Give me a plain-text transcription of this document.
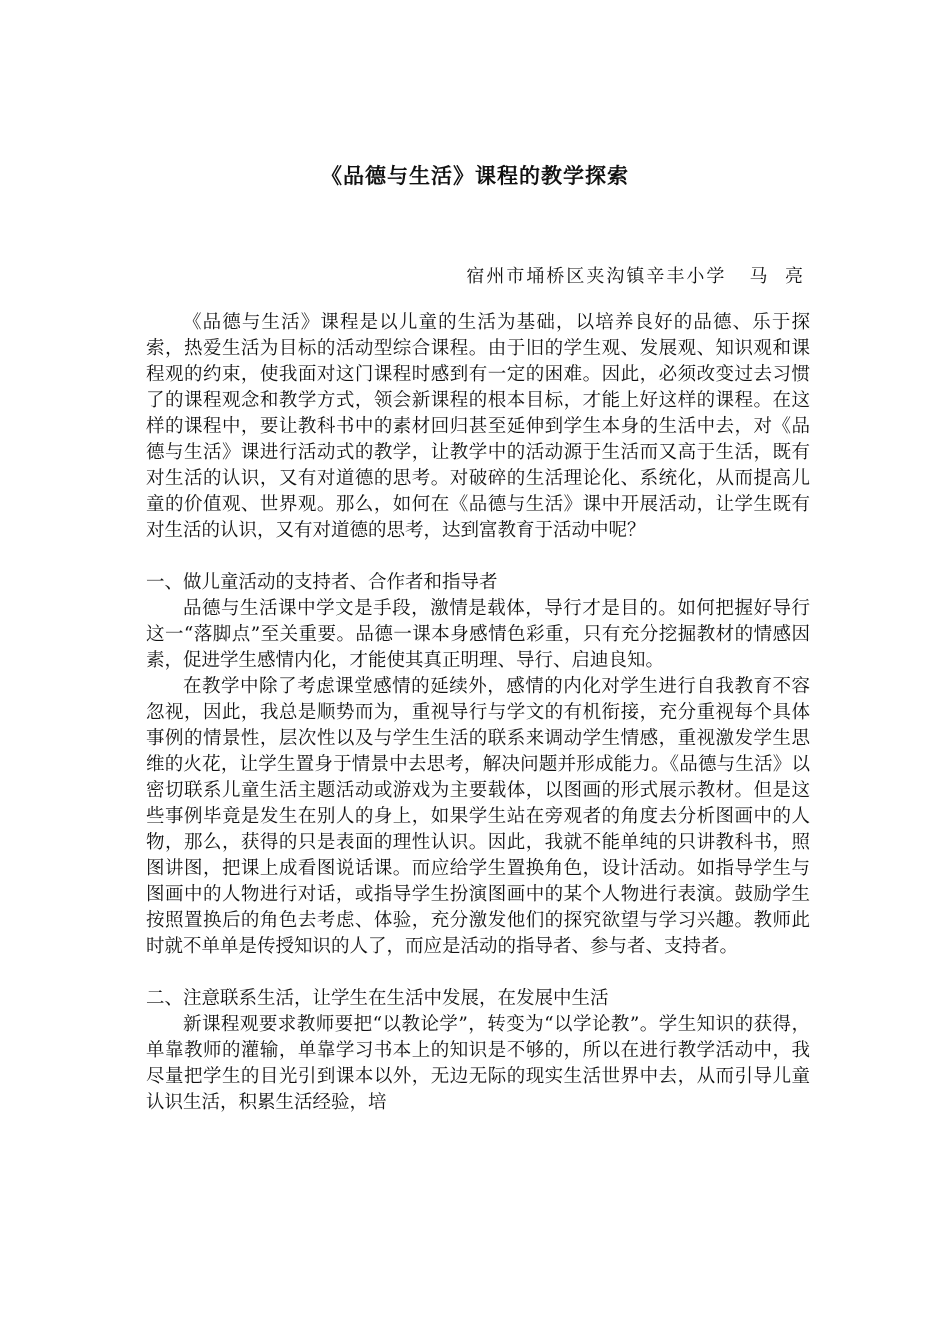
《品德与生活》课程的教学探索
宿州市埇桥区夹沟镇辛丰小学   马  亮

《品德与生活》课程是以儿童的生活为基础，以培养良好的品德、乐于探索，热爱生活为目标的活动型综合课程。由于旧的学生观、发展观、知识观和课程观的约束，使我面对这门课程时感到有一定的困难。因此，必须改变过去习惯了的课程观念和教学方式，领会新课程的根本目标，才能上好这样的课程。在这样的课程中，要让教科书中的素材回归甚至延伸到学生本身的生活中去，对《品德与生活》课进行活动式的教学，让教学中的活动源于生活而又高于生活，既有对生活的认识，又有对道德的思考。对破碎的生活理论化、系统化，从而提高儿童的价值观、世界观。那么，如何在《品德与生活》课中开展活动，让学生既有对生活的认识，又有对道德的思考，达到富教育于活动中呢？

一、做儿童活动的支持者、合作者和指导者

品德与生活课中学文是手段，激情是载体，导行才是目的。如何把握好导行这一“落脚点”至关重要。品德一课本身感情色彩重，只有充分挖掘教材的情感因素，促进学生感情内化，才能使其真正明理、导行、启迪良知。

在教学中除了考虑课堂感情的延续外，感情的内化对学生进行自我教育不容忽视，因此，我总是顺势而为，重视导行与学文的有机衔接，充分重视每个具体事例的情景性，层次性以及与学生生活的联系来调动学生情感，重视激发学生思维的火花，让学生置身于情景中去思考，解决问题并形成能力。《品德与生活》以密切联系儿童生活主题活动或游戏为主要载体，以图画的形式展示教材。但是这些事例毕竟是发生在别人的身上，如果学生站在旁观者的角度去分析图画中的人物，那么，获得的只是表面的理性认识。因此，我就不能单纯的只讲教科书，照图讲图，把课上成看图说话课。而应给学生置换角色，设计活动。如指导学生与图画中的人物进行对话，或指导学生扮演图画中的某个人物进行表演。鼓励学生按照置换后的角色去考虑、体验，充分激发他们的探究欲望与学习兴趣。教师此时就不单单是传授知识的人了，而应是活动的指导者、参与者、支持者。

二、注意联系生活，让学生在生活中发展，在发展中生活

新课程观要求教师要把“以教论学”，转变为“以学论教”。学生知识的获得，单靠教师的灌输，单靠学习书本上的知识是不够的，所以在进行教学活动中，我尽量把学生的目光引到课本以外，无边无际的现实生活世界中去，从而引导儿童认识生活，积累生活经验，培
